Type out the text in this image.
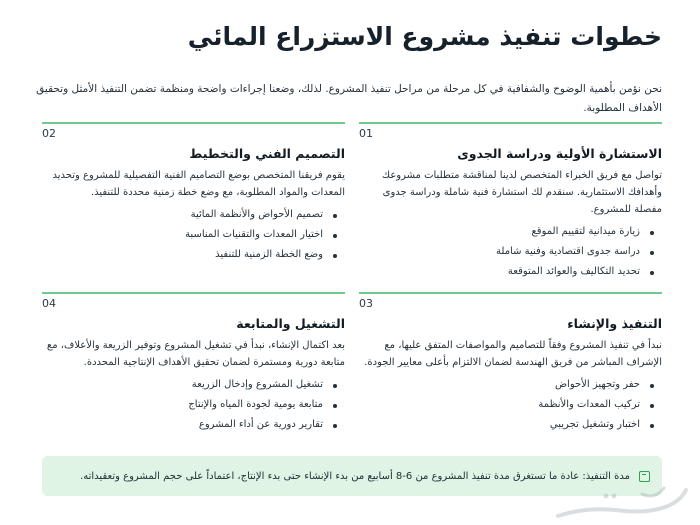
خطوات تنفيذ مشروع الاستزراع المائي

نحن نؤمن بأهمية الوضوح والشفافية في كل مرحلة من مراحل تنفيذ المشروع. لذلك، وضعنا إجراءات واضحة ومنظمة تضمن التنفيذ الأمثل وتحقيق الأهداف المطلوبة.

01
الاستشارة الأولية ودراسة الجدوى
تواصل مع فريق الخبراء المتخصص لدينا لمناقشة متطلبات مشروعك وأهدافك الاستثمارية. سنقدم لك استشارة فنية شاملة ودراسة جدوى مفصلة للمشروع.
زيارة ميدانية لتقييم الموقع
دراسة جدوى اقتصادية وفنية شاملة
تحديد التكاليف والعوائد المتوقعة
02
التصميم الفني والتخطيط
يقوم فريقنا المتخصص بوضع التصاميم الفنية التفصيلية للمشروع وتحديد المعدات والمواد المطلوبة، مع وضع خطة زمنية محددة للتنفيذ.
تصميم الأحواض والأنظمة المائية
اختيار المعدات والتقنيات المناسبة
وضع الخطة الزمنية للتنفيذ
03
التنفيذ والإنشاء
نبدأ في تنفيذ المشروع وفقاً للتصاميم والمواصفات المتفق عليها، مع الإشراف المباشر من فريق الهندسة لضمان الالتزام بأعلى معايير الجودة.
حفر وتجهيز الأحواض
تركيب المعدات والأنظمة
اختبار وتشغيل تجريبي
04
التشغيل والمتابعة
بعد اكتمال الإنشاء، نبدأ في تشغيل المشروع وتوفير الزريعة والأعلاف، مع متابعة دورية ومستمرة لضمان تحقيق الأهداف الإنتاجية المحددة.
تشغيل المشروع وإدخال الزريعة
متابعة يومية لجودة المياه والإنتاج
تقارير دورية عن أداء المشروع
مدة التنفيذ: عادة ما تستغرق مدة تنفيذ المشروع من 6-8 أسابيع من بدء الإنشاء حتى بدء الإنتاج، اعتماداً على حجم المشروع وتعقيداته.
